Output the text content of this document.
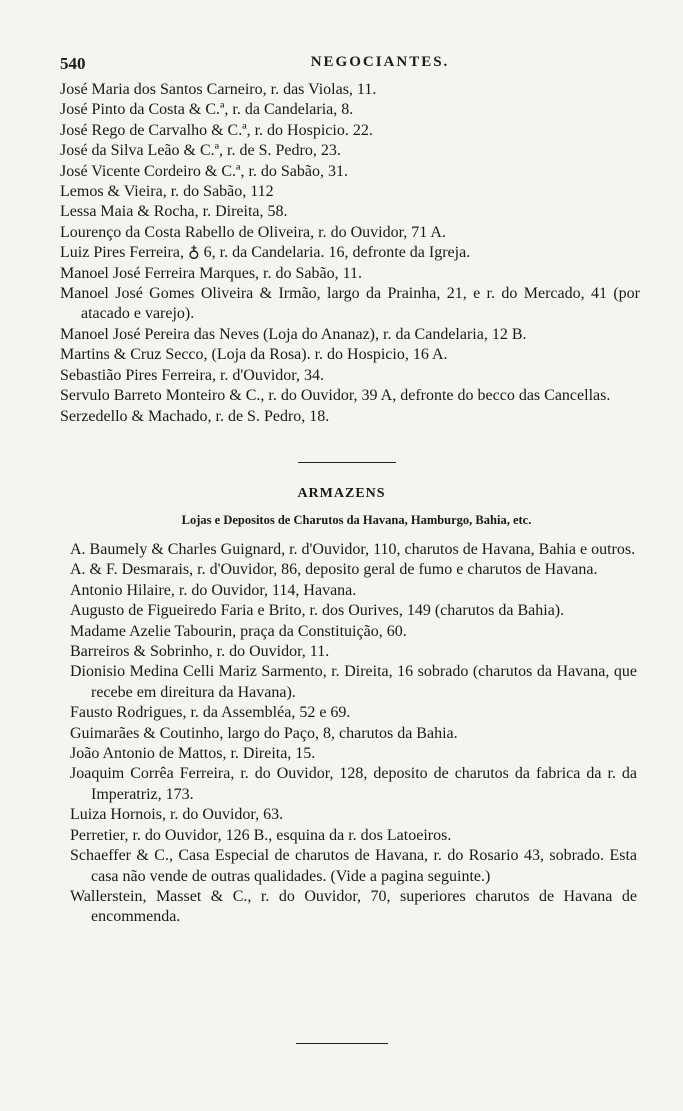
540	NEGOCIANTES.

José Maria dos Santos Carneiro, r. das Violas, 11.

José Pinto da Costa & C.ª, r. da Candelaria, 8.

José Rego de Carvalho & C.ª, r. do Hospicio. 22.

José da Silva Leão & C.ª, r. de S. Pedro, 23.

José Vicente Cordeiro & C.ª, r. do Sabão, 31.

Lemos & Vieira, r. do Sabão, 112

Lessa Maia & Rocha, r. Direita, 58.

Lourenço da Costa Rabello de Oliveira, r. do Ouvidor, 71 A.

Luiz Pires Ferreira, ♁ 6, r. da Candelaria. 16, defronte da Igreja.

Manoel José Ferreira Marques, r. do Sabão, 11.

Manoel José Gomes Oliveira & Irmão, largo da Prainha, 21, e r. do Mercado, 41 (por atacado e varejo).

Manoel José Pereira das Neves (Loja do Ananaz), r. da Candelaria, 12 B.

Martins & Cruz Secco, (Loja da Rosa). r. do Hospicio, 16 A.

Sebastião Pires Ferreira, r. d'Ouvidor, 34.

Servulo Barreto Monteiro & C., r. do Ouvidor, 39 A, defronte do becco das Cancellas.

Serzedello & Machado, r. de S. Pedro, 18.

ARMAZENS
Lojas e Depositos de Charutos da Havana, Hamburgo, Bahia, etc.

A. Baumely & Charles Guignard, r. d'Ouvidor, 110, charutos de Havana, Bahia e outros.

A. & F. Desmarais, r. d'Ouvidor, 86, deposito geral de fumo e charutos de Havana.

Antonio Hilaire, r. do Ouvidor, 114, Havana.

Augusto de Figueiredo Faria e Brito, r. dos Ourives, 149 (charutos da Bahia).

Madame Azelie Tabourin, praça da Constituição, 60.

Barreiros & Sobrinho, r. do Ouvidor, 11.

Dionisio Medina Celli Mariz Sarmento, r. Direita, 16 sobrado (charutos da Havana, que recebe em direitura da Havana).

Fausto Rodrigues, r. da Assembléa, 52 e 69.

Guimarães & Coutinho, largo do Paço, 8, charutos da Bahia.

João Antonio de Mattos, r. Direita, 15.

Joaquim Corrêa Ferreira, r. do Ouvidor, 128, deposito de charutos da fabrica da r. da Imperatriz, 173.

Luiza Hornois, r. do Ouvidor, 63.

Perretier, r. do Ouvidor, 126 B., esquina da r. dos Latoeiros.

Schaeffer & C., Casa Especial de charutos de Havana, r. do Rosario 43, sobrado. Esta casa não vende de outras qualidades. (Vide a pagina seguinte.)

Wallerstein, Masset & C., r. do Ouvidor, 70, superiores charutos de Havana de encommenda.
